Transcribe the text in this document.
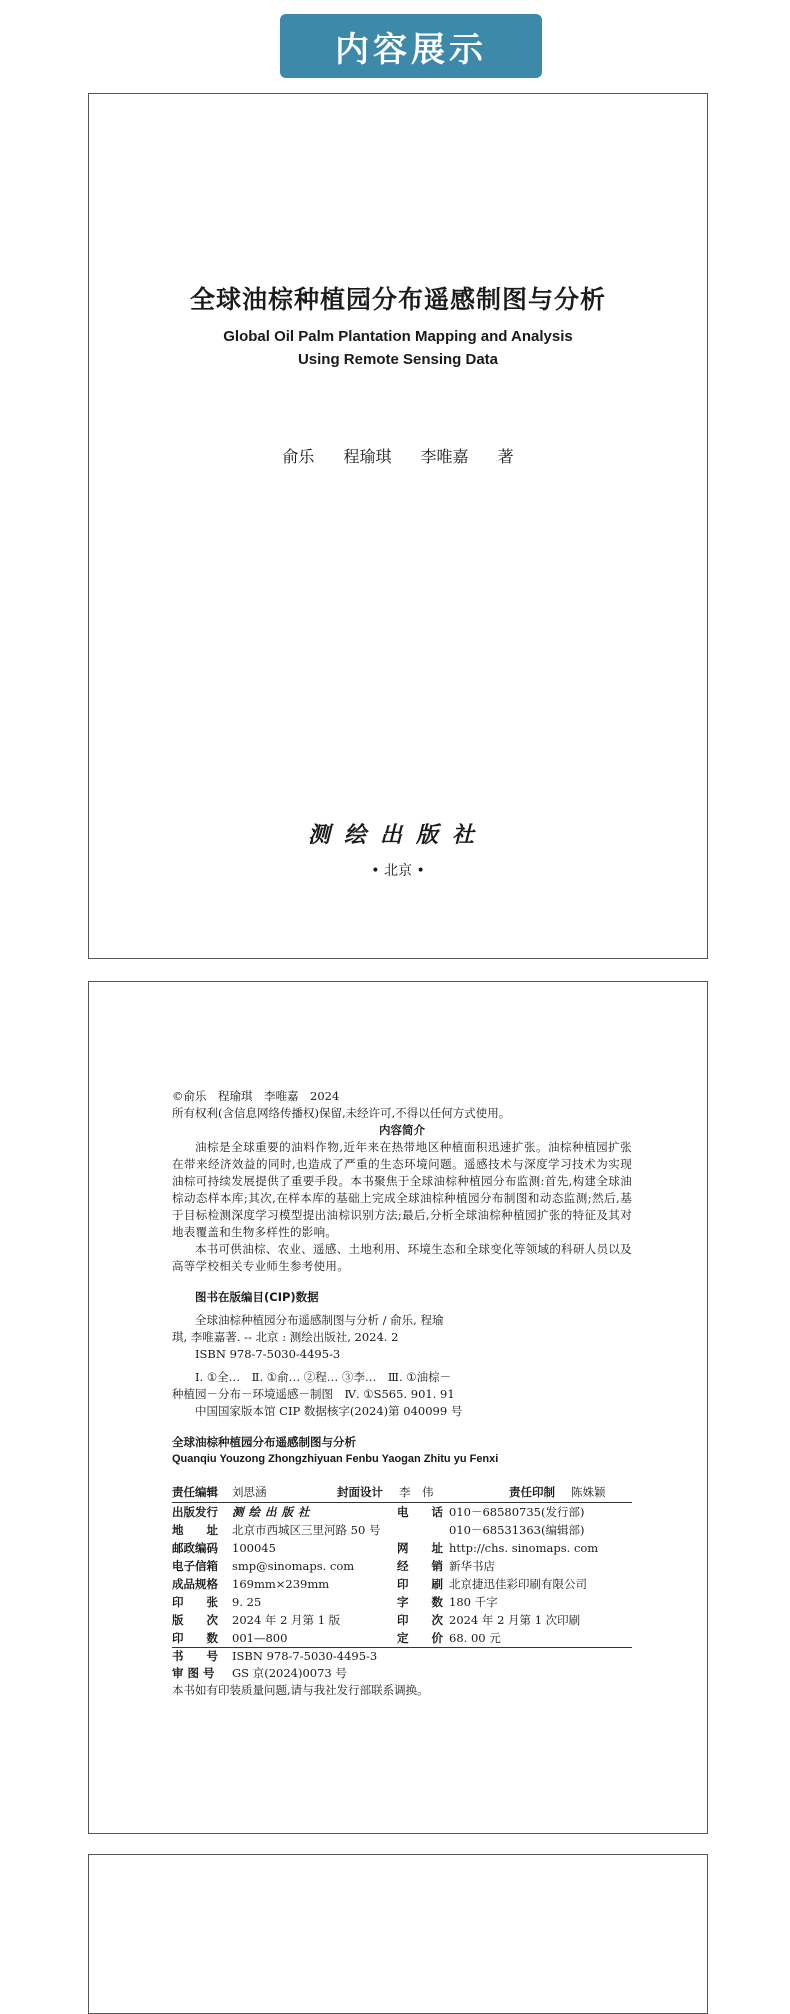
内容展示
全球油棕种植园分布遥感制图与分析
Global Oil Palm Plantation Mapping and Analysis
Using Remote Sensing Data
俞乐 程瑜琪 李唯嘉 著
测绘出版社
• 北京 •
©俞乐　程瑜琪　李唯嘉　2024
所有权利(含信息网络传播权)保留,未经许可,不得以任何方式使用。
内容简介
油棕是全球重要的油料作物,近年来在热带地区种植面积迅速扩张。油棕种植园扩张在带来经济效益的同时,也造成了严重的生态环境问题。遥感技术与深度学习技术为实现油棕可持续发展提供了重要手段。本书聚焦于全球油棕种植园分布监测:首先,构建全球油棕动态样本库;其次,在样本库的基础上完成全球油棕种植园分布制图和动态监测;然后,基于目标检测深度学习模型提出油棕识别方法;最后,分析全球油棕种植园扩张的特征及其对地表覆盖和生物多样性的影响。
本书可供油棕、农业、遥感、土地利用、环境生态和全球变化等领域的科研人员以及高等学校相关专业师生参考使用。
图书在版编目(CIP)数据
全球油棕种植园分布遥感制图与分析 / 俞乐, 程瑜
琪, 李唯嘉著. -- 北京 : 测绘出版社, 2024. 2
ISBN 978-7-5030-4495-3
Ⅰ. ①全…　Ⅱ. ①俞… ②程… ③李…　Ⅲ. ①油棕－
种植园－分布－环境遥感－制图　Ⅳ. ①S565. 901. 91
中国国家版本馆 CIP 数据核字(2024)第 040099 号
全球油棕种植园分布遥感制图与分析
Quanqiu Youzong Zhongzhiyuan Fenbu Yaogan Zhitu yu Fenxi
责任编辑	刘思涵	封面设计	李　伟	责任印制	陈姝颖
出版发行	测绘出版社	电　　话	010－68580735(发行部)
地　　址	北京市西城区三里河路 50 号		010－68531363(编辑部)
邮政编码	100045	网　　址	http://chs. sinomaps. com
电子信箱	smp@sinomaps. com	经　　销	新华书店
成品规格	169mm×239mm	印　　刷	北京捷迅佳彩印刷有限公司
印　　张	9. 25	字　　数	180 千字
版　　次	2024 年 2 月第 1 版	印　　次	2024 年 2 月第 1 次印刷
印　　数	001—800	定　　价	68. 00 元
书　　号 ISBN 978-7-5030-4495-3
审 图 号 GS 京(2024)0073 号
本书如有印装质量问题,请与我社发行部联系调换。
